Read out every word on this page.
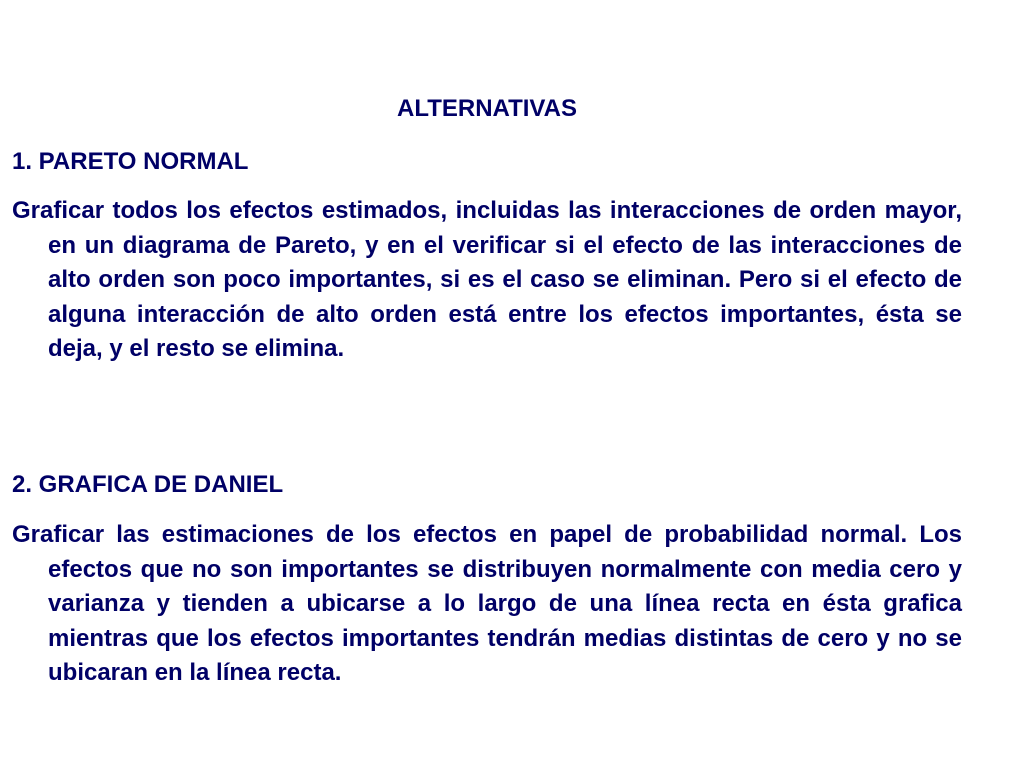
ALTERNATIVAS
1. PARETO NORMAL
Graficar todos los efectos estimados, incluidas las interacciones de orden mayor, en un diagrama de Pareto, y en el verificar si el efecto de las interacciones de alto orden son poco importantes, si es el caso se eliminan. Pero si el efecto de alguna interacción de alto orden está entre los efectos importantes, ésta se deja, y el resto se elimina.
2. GRAFICA DE DANIEL
Graficar las estimaciones de los efectos en papel de probabilidad normal. Los efectos que no son importantes se distribuyen normalmente con media cero y varianza y tienden a ubicarse a lo largo de una línea recta en ésta grafica mientras que los efectos importantes tendrán medias distintas de cero y no se ubicaran en la línea recta.
